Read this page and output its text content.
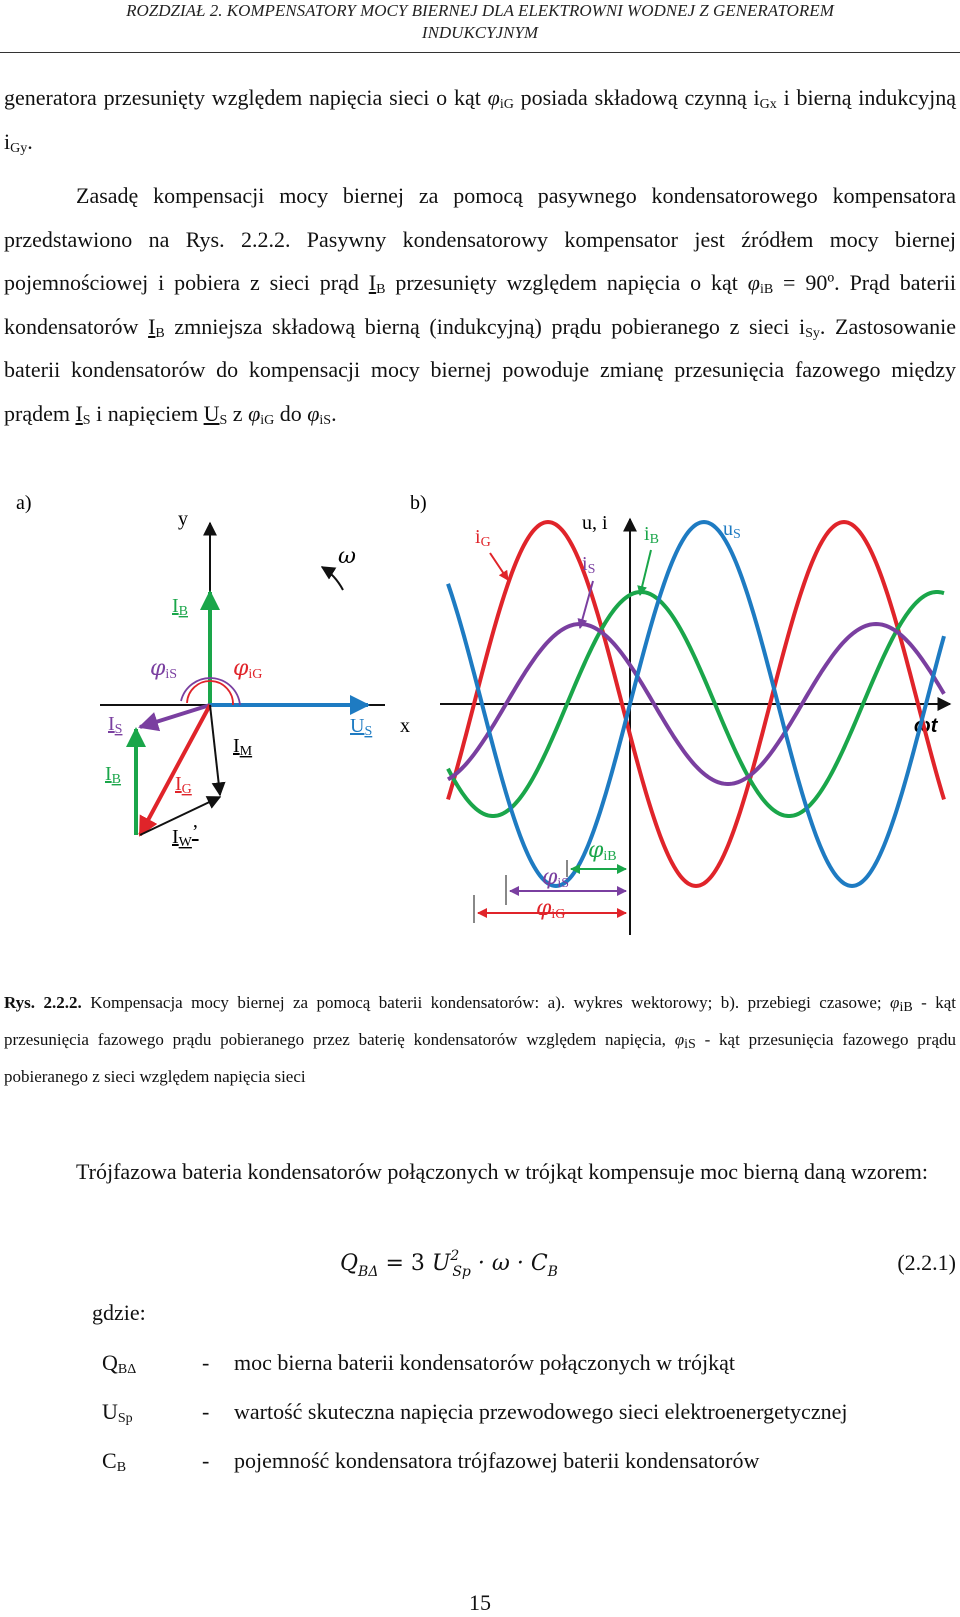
ROZDZIAŁ 2. KOMPENSATORY MOCY BIERNEJ DLA ELEKTROWNI WODNEJ Z GENERATOREM
INDUKCYJNYM
generatora przesunięty względem napięcia sieci o kąt $\varphi_{iG}$ posiada składową czynną $i_{Gx}$ i bierną indukcyjną $i_{Gy}$.
Zasadę kompensacji mocy biernej za pomocą pasywnego kondensatorowego kompensatora przedstawiono na Rys. 2.2.2. Pasywny kondensatorowy kompensator jest źródłem mocy biernej pojemnościowej i pobiera z sieci prąd $I_B$ przesunięty względem napięcia o kąt $\varphi_{iB}$ = 90º. Prąd baterii kondensatorów $I_B$ zmniejsza składową bierną (indukcyjną) prądu pobieranego z sieci $i_{Sy}$. Zastosowanie baterii kondensatorów do kompensacji mocy biernej powoduje zmianę przesunięcia fazowego między prądem $I_S$ i napięciem $U_S$ z $\varphi_{iG}$ do $\varphi_{iS}$.
a)
y
x
ω
IB
US
φiS	φiG
IS
IG
IB
IM
IW’
b)
u, i
ωt
iG
iS
iB	uS
φiB
φiS
φiG
Rys. 2.2.2. Kompensacja mocy biernej za pomocą baterii kondensatorów: a). wykres wektorowy; b). przebiegi czasowe; $\varphi_{iB}$ - kąt przesunięcia fazowego prądu pobieranego przez baterię kondensatorów względem napięcia, $\varphi_{iS}$ - kąt przesunięcia fazowego prądu pobieranego z sieci względem napięcia sieci
Trójfazowa bateria kondensatorów połączonych w trójkąt kompensuje moc bierną daną wzorem:
$Q_{B\Delta} = 3$ $U^2_{Sp} \cdot \omega \cdot C_B$	(2.2.1)
gdzie:
$Q_{B\Delta}$	- moc bierna baterii kondensatorów połączonych w trójkąt
$U_{Sp}$	- wartość skuteczna napięcia przewodowego sieci elektroenergetycznej
$C_B$	- pojemność kondensatora trójfazowej baterii kondensatorów
15
